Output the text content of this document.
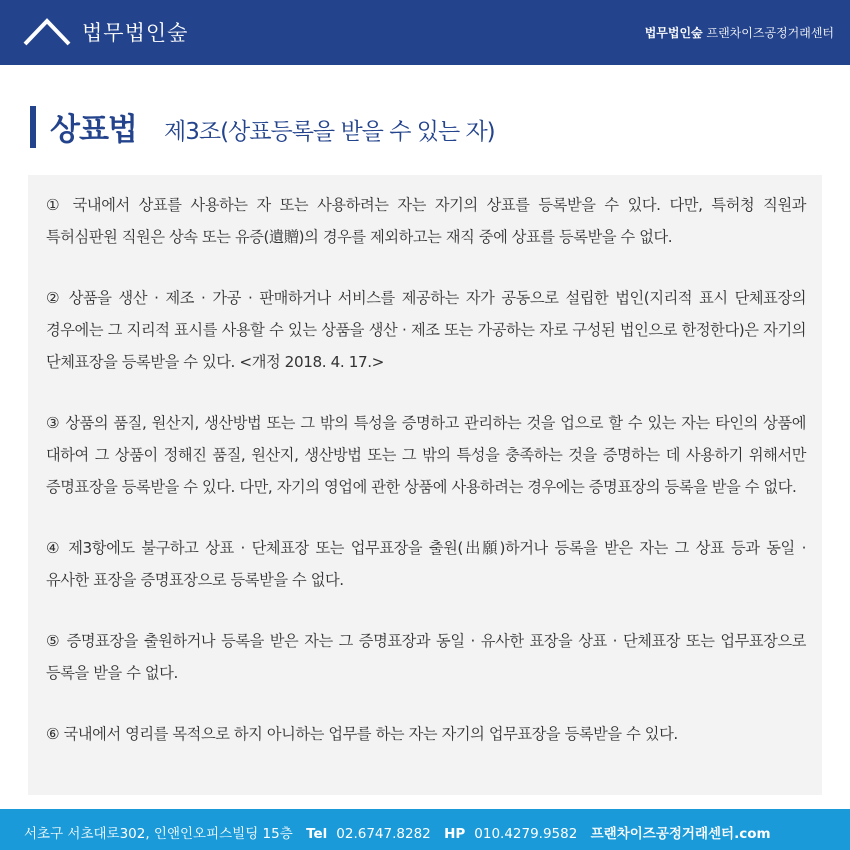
법무법인숲	법무법인숲 프랜차이즈공정거래센터
상표법 제3조(상표등록을 받을 수 있는 자)

① 국내에서 상표를 사용하는 자 또는 사용하려는 자는 자기의 상표를 등록받을 수 있다. 다만, 특허청 직원과 특허심판원 직원은 상속 또는 유증(遺贈)의 경우를 제외하고는 재직 중에 상표를 등록받을 수 없다.

② 상품을 생산 · 제조 · 가공 · 판매하거나 서비스를 제공하는 자가 공동으로 설립한 법인(지리적 표시 단체표장의 경우에는 그 지리적 표시를 사용할 수 있는 상품을 생산 · 제조 또는 가공하는 자로 구성된 법인으로 한정한다)은 자기의 단체표장을 등록받을 수 있다. <개정 2018. 4. 17.>

③ 상품의 품질, 원산지, 생산방법 또는 그 밖의 특성을 증명하고 관리하는 것을 업으로 할 수 있는 자는 타인의 상품에 대하여 그 상품이 정해진 품질, 원산지, 생산방법 또는 그 밖의 특성을 충족하는 것을 증명하는 데 사용하기 위해서만 증명표장을 등록받을 수 있다. 다만, 자기의 영업에 관한 상품에 사용하려는 경우에는 증명표장의 등록을 받을 수 없다.

④ 제3항에도 불구하고 상표 · 단체표장 또는 업무표장을 출원(出願)하거나 등록을 받은 자는 그 상표 등과 동일 · 유사한 표장을 증명표장으로 등록받을 수 없다.

⑤ 증명표장을 출원하거나 등록을 받은 자는 그 증명표장과 동일 · 유사한 표장을 상표 · 단체표장 또는 업무표장으로 등록을 받을 수 없다.

⑥ 국내에서 영리를 목적으로 하지 아니하는 업무를 하는 자는 자기의 업무표장을 등록받을 수 있다.

서초구 서초대로302, 인앤인오피스빌딩 15층 Tel 02.6747.8282 HP 010.4279.9582 프랜차이즈공정거래센터.com
